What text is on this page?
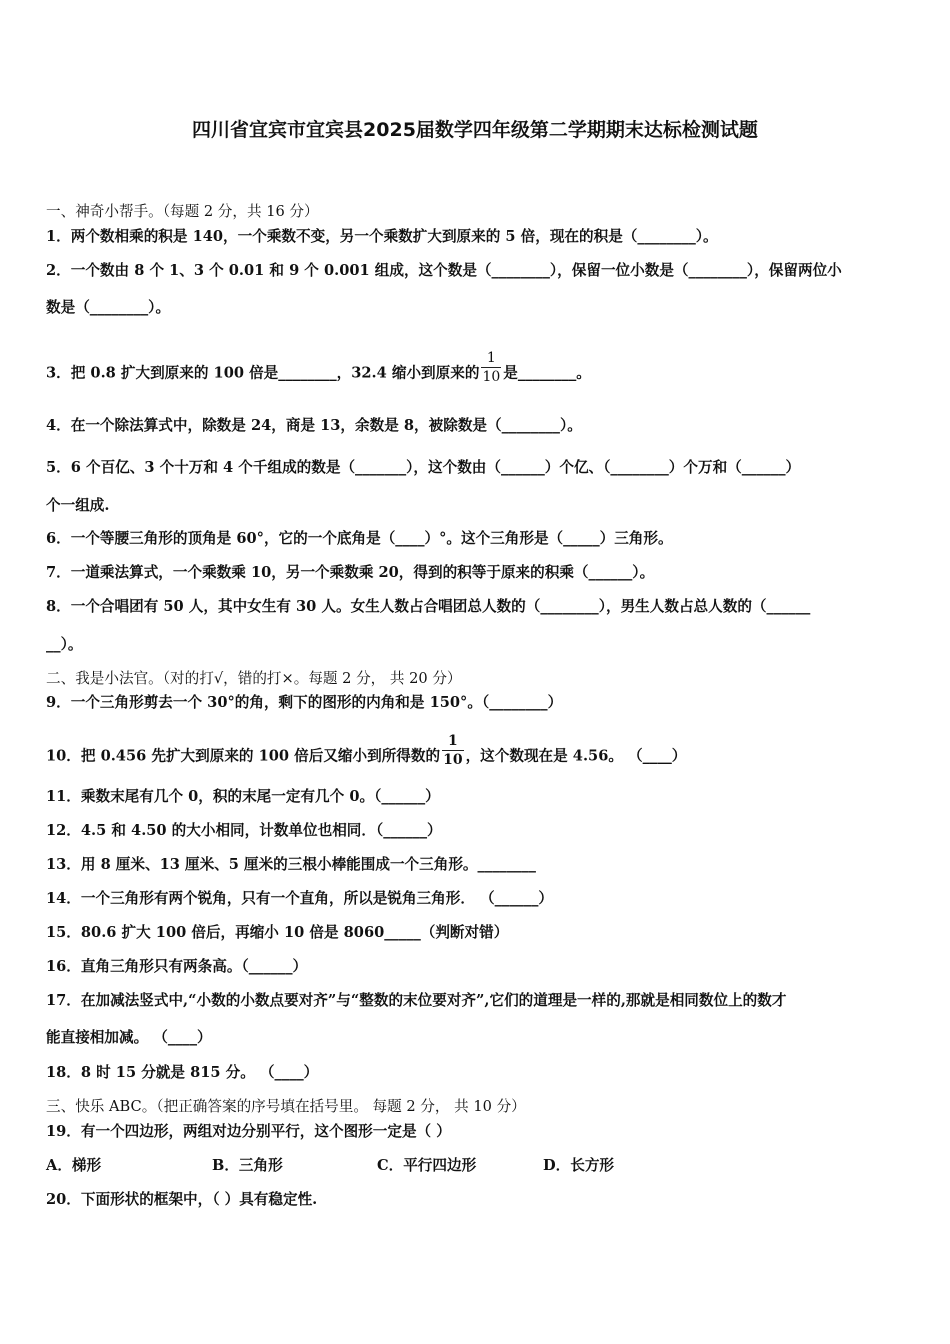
四川省宜宾市宜宾县2025届数学四年级第二学期期末达标检测试题
一、神奇小帮手。（每题 2 分，共 16 分）
1．两个数相乘的积是 140，一个乘数不变，另一个乘数扩大到原来的 5 倍，现在的积是（________）。
2．一个数由 8 个 1、3 个 0.01 和 9 个 0.001 组成，这个数是（________），保留一位小数是（________），保留两位小
数是（________）。
3．把 0.8 扩大到原来的 100 倍是________，32.4 缩小到原来的 $\frac{1}{10}$ 是________。
4．在一个除法算式中，除数是 24，商是 13，余数是 8，被除数是（________）。
5．6 个百亿、3 个十万和 4 个千组成的数是（_______），这个数由（______）个亿、（________）个万和（______）
个一组成.
6．一个等腰三角形的顶角是 60°，它的一个底角是（____）°。这个三角形是（_____）三角形。
7．一道乘法算式，一个乘数乘 10，另一个乘数乘 20，得到的积等于原来的积乘（______）。
8．一个合唱团有 50 人，其中女生有 30 人。女生人数占合唱团总人数的（________），男生人数占总人数的（______
__）。
二、我是小法官。（对的打√，错的打×。每题 2 分， 共 20 分）
9．一个三角形剪去一个 30°的角，剩下的图形的内角和是 150°。（________）
10．把 0.456 先扩大到原来的 100 倍后又缩小到所得数的 $\frac{1}{10}$ ，这个数现在是 4.56。 （____）
11．乘数末尾有几个 0，积的末尾一定有几个 0。（______）
12．4.5 和 4.50 的大小相同，计数单位也相同．（______）
13．用 8 厘米、13 厘米、5 厘米的三根小棒能围成一个三角形。________
14．一个三角形有两个锐角，只有一个直角，所以是锐角三角形． （______）
15．80.6 扩大 100 倍后，再缩小 10 倍是 8060_____（判断对错）
16．直角三角形只有两条高。（______）
17．在加减法竖式中,“小数的小数点要对齐”与“整数的末位要对齐”,它们的道理是一样的,那就是相同数位上的数才
能直接相加减。 （____）
18．8 时 15 分就是 815 分。 （____）
三、快乐 ABC。（把正确答案的序号填在括号里。 每题 2 分， 共 10 分）
19．有一个四边形，两组对边分别平行，这个图形一定是（ ）
A．梯形	B．三角形	C．平行四边形	D．长方形
20．下面形状的框架中，（ ）具有稳定性.
